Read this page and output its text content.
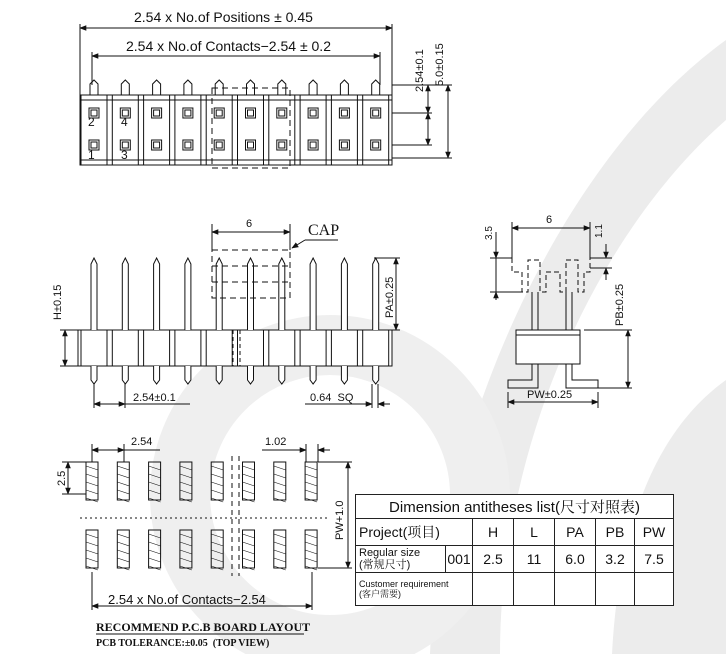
2.54 x No.of Positions ± 0.45
2.54 x No.of Contacts−2.54 ± 0.2
2.54±0.1 5.0±0.15
2 4
1 3
CAP
6
H±0.15	PA±0.25
2.54±0.1	0.64  SQ
6
3.5	1.1
PB±0.25
PW±0.25
2.54	1.02
2.5
PW+1.0
2.54 x No.of Contacts−2.54
RECOMMEND P.C.B BOARD LAYOUT
PCB TOLERANCE:±0.05  (TOP VIEW)
Dimension antitheses list(尺寸对照表)						
Project(项目)		H	L	PA	PB	PW
Regular size
(常规尺寸)	001	2.5	11	6.0	3.2	7.5
Customer requirement
(客户需要)						
